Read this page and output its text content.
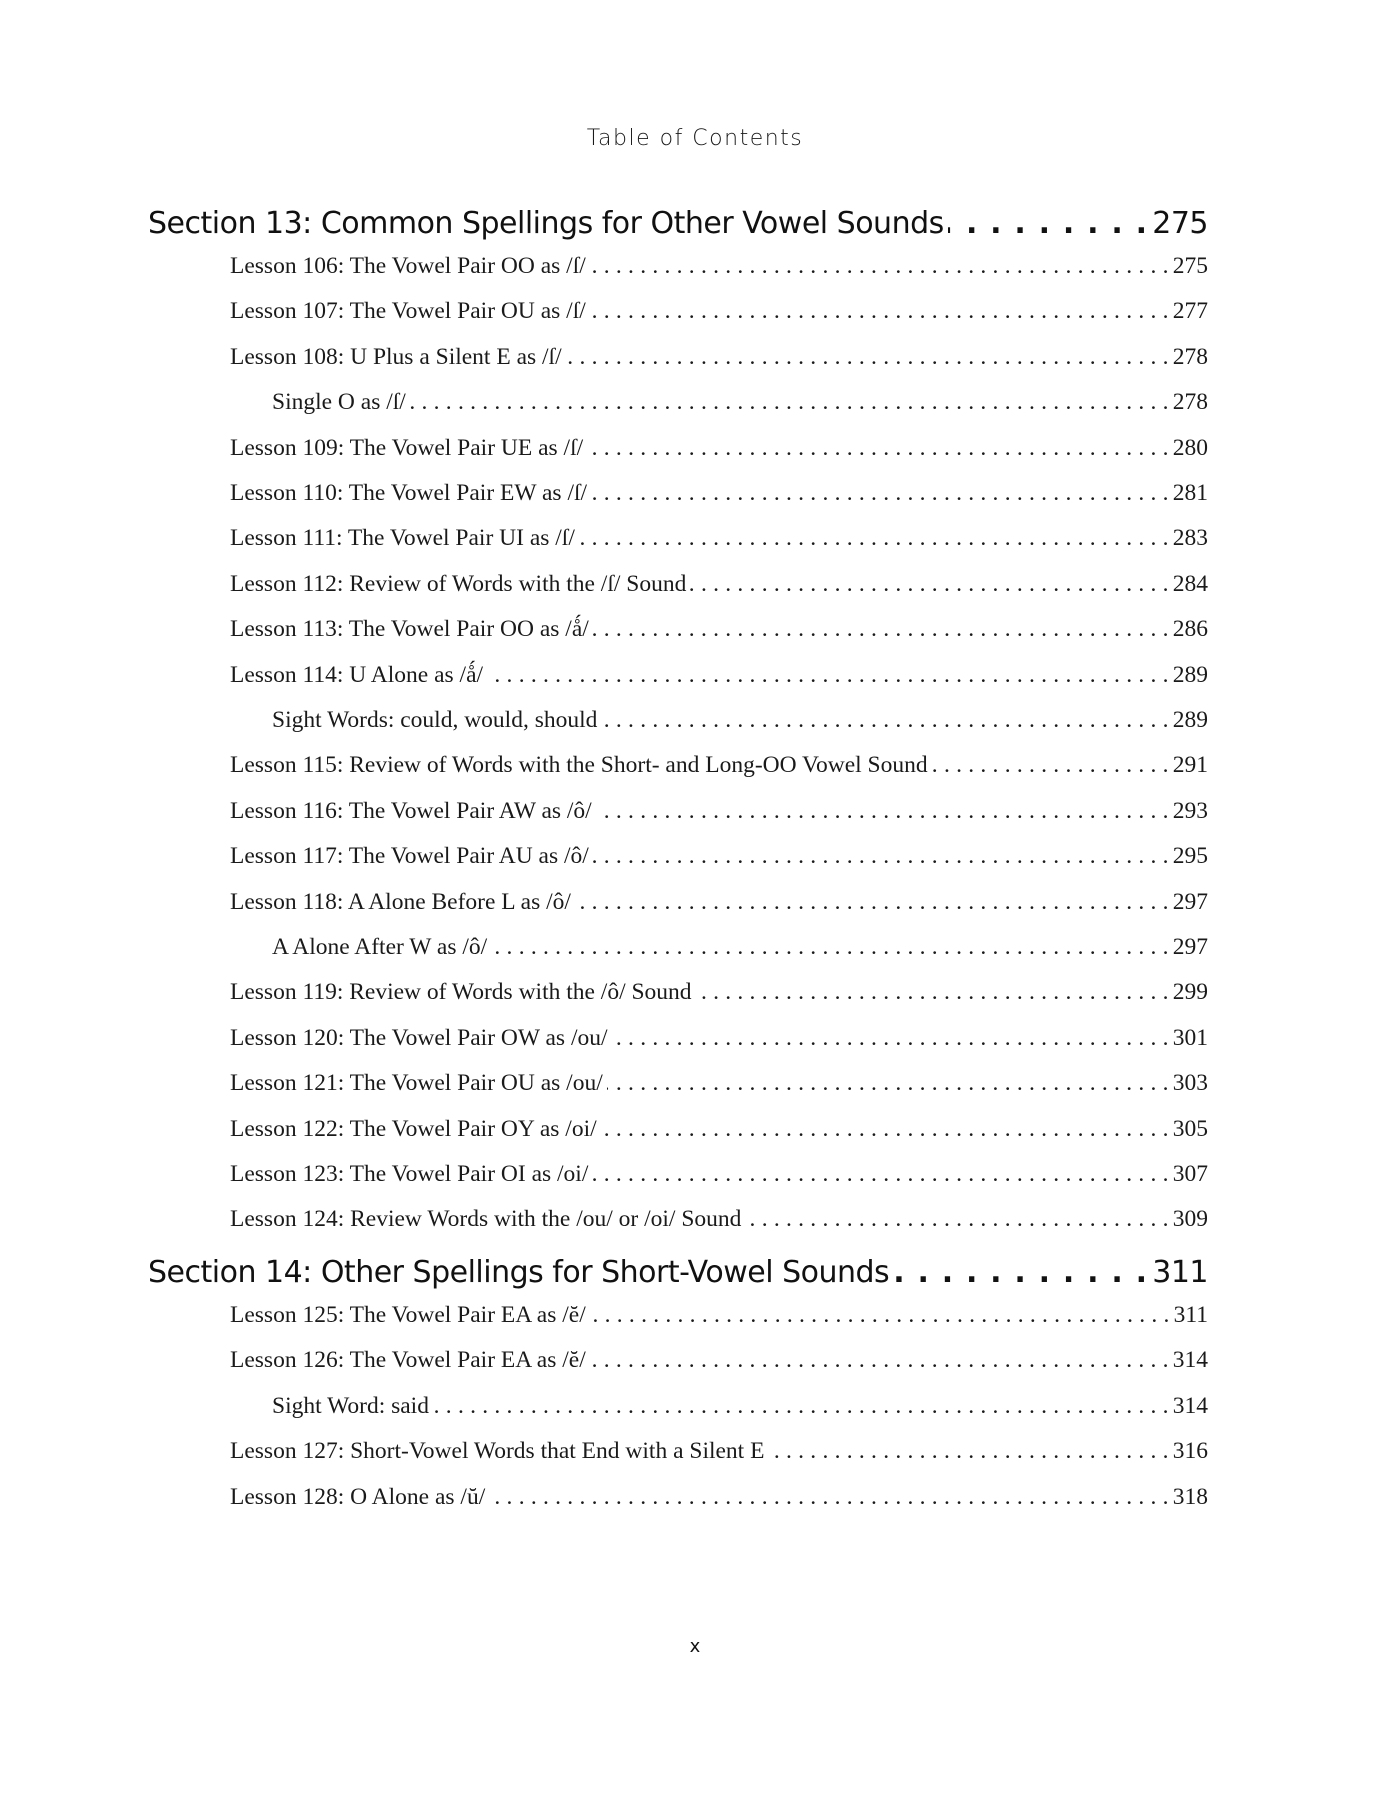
Table of Contents
Section 13: Common Spellings for Other Vowel Sounds . . .	275
Lesson 106: The Vowel Pair OO as /ſ/ . . .	275
Lesson 107: The Vowel Pair OU as /ſ/ . . .	277
Lesson 108: U Plus a Silent E as /ſ/ . . .	278
Single O as /ſ/ . . .	278
Lesson 109: The Vowel Pair UE as /ſ/ . . .	280
Lesson 110: The Vowel Pair EW as /ſ/ . . .	281
Lesson 111: The Vowel Pair UI as /ſ/ . . .	283
Lesson 112: Review of Words with the /ſ/ Sound . . .	284
Lesson 113: The Vowel Pair OO as /ǻ/ . . .	286
Lesson 114: U Alone as /ǻ/ . . .	289
Sight Words: could, would, should . . .	289
Lesson 115: Review of Words with the Short- and Long-OO Vowel Sound . . .	291
Lesson 116: The Vowel Pair AW as /ô/ . . .	293
Lesson 117: The Vowel Pair AU as /ô/ . . .	295
Lesson 118: A Alone Before L as /ô/ . . .	297
A Alone After W as /ô/ . . .	297
Lesson 119: Review of Words with the /ô/ Sound . . .	299
Lesson 120: The Vowel Pair OW as /ou/ . . .	301
Lesson 121: The Vowel Pair OU as /ou/ . . .	303
Lesson 122: The Vowel Pair OY as /oi/ . . .	305
Lesson 123: The Vowel Pair OI as /oi/ . . .	307
Lesson 124: Review Words with the /ou/ or /oi/ Sound . . .	309
Section 14: Other Spellings for Short-Vowel Sounds . . .	311
Lesson 125: The Vowel Pair EA as /ĕ/ . . .	311
Lesson 126: The Vowel Pair EA as /ĕ/ . . .	314
Sight Word: said . . .	314
Lesson 127: Short-Vowel Words that End with a Silent E . . .	316
Lesson 128: O Alone as /ŭ/ . . .	318
x
